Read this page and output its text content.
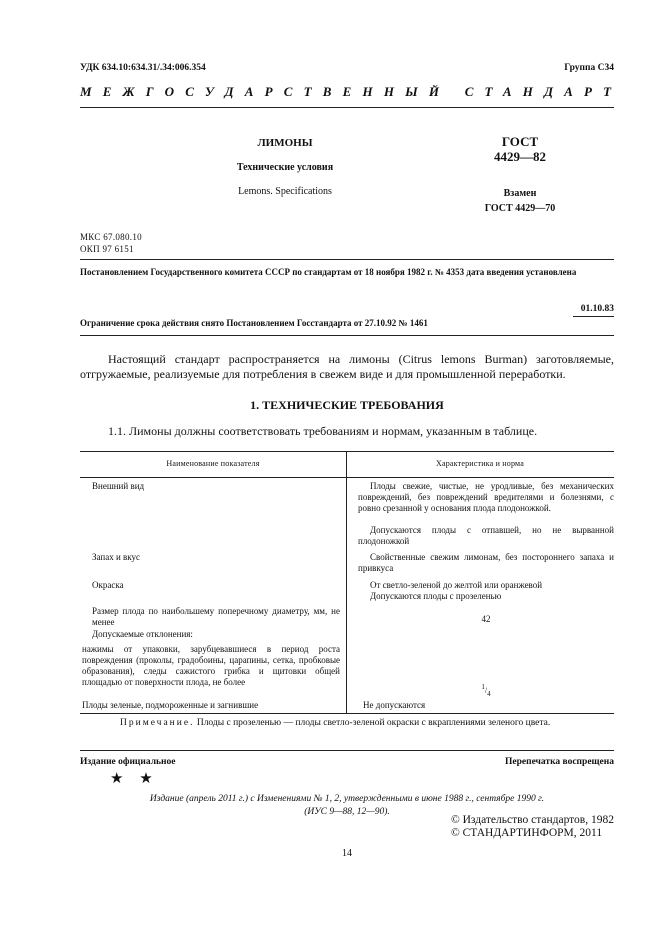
УДК 634.10:634.31/.34:006.354	Группа С34
МЕЖГОСУДАРСТВЕННЫЙ СТАНДАРТ
ЛИМОНЫ
Технические условия
Lemons. Specifications
ГОСТ
4429—82
Взамен
ГОСТ 4429—70
МКС 67.080.10
ОКП 97 6151
Постановлением Государственного комитета СССР по стандартам от 18 ноября 1982 г. № 4353 дата введения установлена
01.10.83
Ограничение срока действия снято Постановлением Госстандарта от 27.10.92 № 1461
Настоящий стандарт распространяется на лимоны (Citrus lemons Burman) заготовляемые, отгружаемые, реализуемые для потребления в свежем виде и для промышленной переработки.
1. ТЕХНИЧЕСКИЕ ТРЕБОВАНИЯ
1.1. Лимоны должны соответствовать требованиям и нормам, указанным в таблице.
Наименование показателя	Характеристика и норма
Внешний вид	Плоды свежие, чистые, не уродливые, без механических повреждений, без повреждений вредителями и болезнями, с ровно срезанной у основания плода плодоножкой.
Допускаются плоды с отпавшей, но не вырванной плодоножкой
Запах и вкус	Свойственные свежим лимонам, без постороннего запаха и привкуса
Окраска	От светло-зеленой до желтой или оранжевой
Допускаются плоды с прозеленью
Размер плода по наибольшему поперечному диаметру, мм, не менее	42
Допускаемые отклонения:
нажимы от упаковки, зарубцевавшиеся в период роста повреждения (проколы, градобоины, царапины, сетка, пробковые образования), следы сажистого грибка и щитовки общей площадью от поверхности плода, не более	$^1/_4$
Плоды зеленые, подмороженные и загнившие	Не допускаются
Примечание. Плоды с прозеленью — плоды светло-зеленой окраски с вкраплениями зеленого цвета.
Издание официальное	Перепечатка воспрещена
★ ★
Издание (апрель 2011 г.) с Изменениями № 1, 2, утвержденными в июне 1988 г., сентябре 1990 г.
(ИУС 9—88, 12—90).
© Издательство стандартов, 1982
© СТАНДАРТИНФОРМ, 2011
14
